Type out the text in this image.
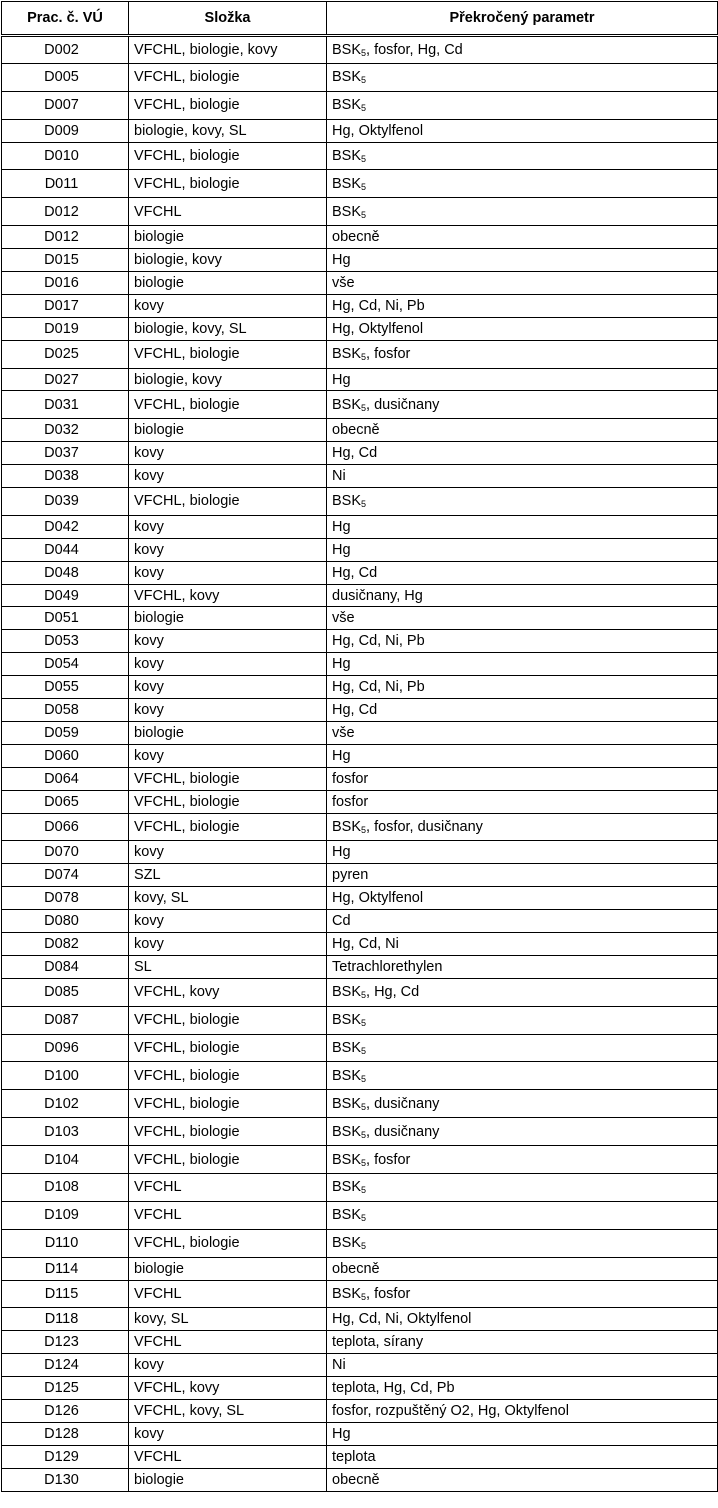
Prac. č. VÚ	Složka	Překročený parametr
D002	VFCHL, biologie, kovy	$BSK_5$, fosfor, Hg, Cd
D005	VFCHL, biologie	$BSK_5$
D007	VFCHL, biologie	$BSK_5$
D009	biologie, kovy, SL	Hg, Oktylfenol
D010	VFCHL, biologie	$BSK_5$
D011	VFCHL, biologie	$BSK_5$
D012	VFCHL	$BSK_5$
D012	biologie	obecně
D015	biologie, kovy	Hg
D016	biologie	vše
D017	kovy	Hg, Cd, Ni, Pb
D019	biologie, kovy, SL	Hg, Oktylfenol
D025	VFCHL, biologie	$BSK_5$, fosfor
D027	biologie, kovy	Hg
D031	VFCHL, biologie	$BSK_5$, dusičnany
D032	biologie	obecně
D037	kovy	Hg, Cd
D038	kovy	Ni
D039	VFCHL, biologie	$BSK_5$
D042	kovy	Hg
D044	kovy	Hg
D048	kovy	Hg, Cd
D049	VFCHL, kovy	dusičnany, Hg
D051	biologie	vše
D053	kovy	Hg, Cd, Ni, Pb
D054	kovy	Hg
D055	kovy	Hg, Cd, Ni, Pb
D058	kovy	Hg, Cd
D059	biologie	vše
D060	kovy	Hg
D064	VFCHL, biologie	fosfor
D065	VFCHL, biologie	fosfor
D066	VFCHL, biologie	$BSK_5$, fosfor, dusičnany
D070	kovy	Hg
D074	SZL	pyren
D078	kovy, SL	Hg, Oktylfenol
D080	kovy	Cd
D082	kovy	Hg, Cd, Ni
D084	SL	Tetrachlorethylen
D085	VFCHL, kovy	$BSK_5$, Hg, Cd
D087	VFCHL, biologie	$BSK_5$
D096	VFCHL, biologie	$BSK_5$
D100	VFCHL, biologie	$BSK_5$
D102	VFCHL, biologie	$BSK_5$, dusičnany
D103	VFCHL, biologie	$BSK_5$, dusičnany
D104	VFCHL, biologie	$BSK_5$, fosfor
D108	VFCHL	$BSK_5$
D109	VFCHL	$BSK_5$
D110	VFCHL, biologie	$BSK_5$
D114	biologie	obecně
D115	VFCHL	$BSK_5$, fosfor
D118	kovy, SL	Hg, Cd, Ni, Oktylfenol
D123	VFCHL	teplota, sírany
D124	kovy	Ni
D125	VFCHL, kovy	teplota, Hg, Cd, Pb
D126	VFCHL, kovy, SL	fosfor, rozpuštěný O2, Hg, Oktylfenol
D128	kovy	Hg
D129	VFCHL	teplota
D130	biologie	obecně
